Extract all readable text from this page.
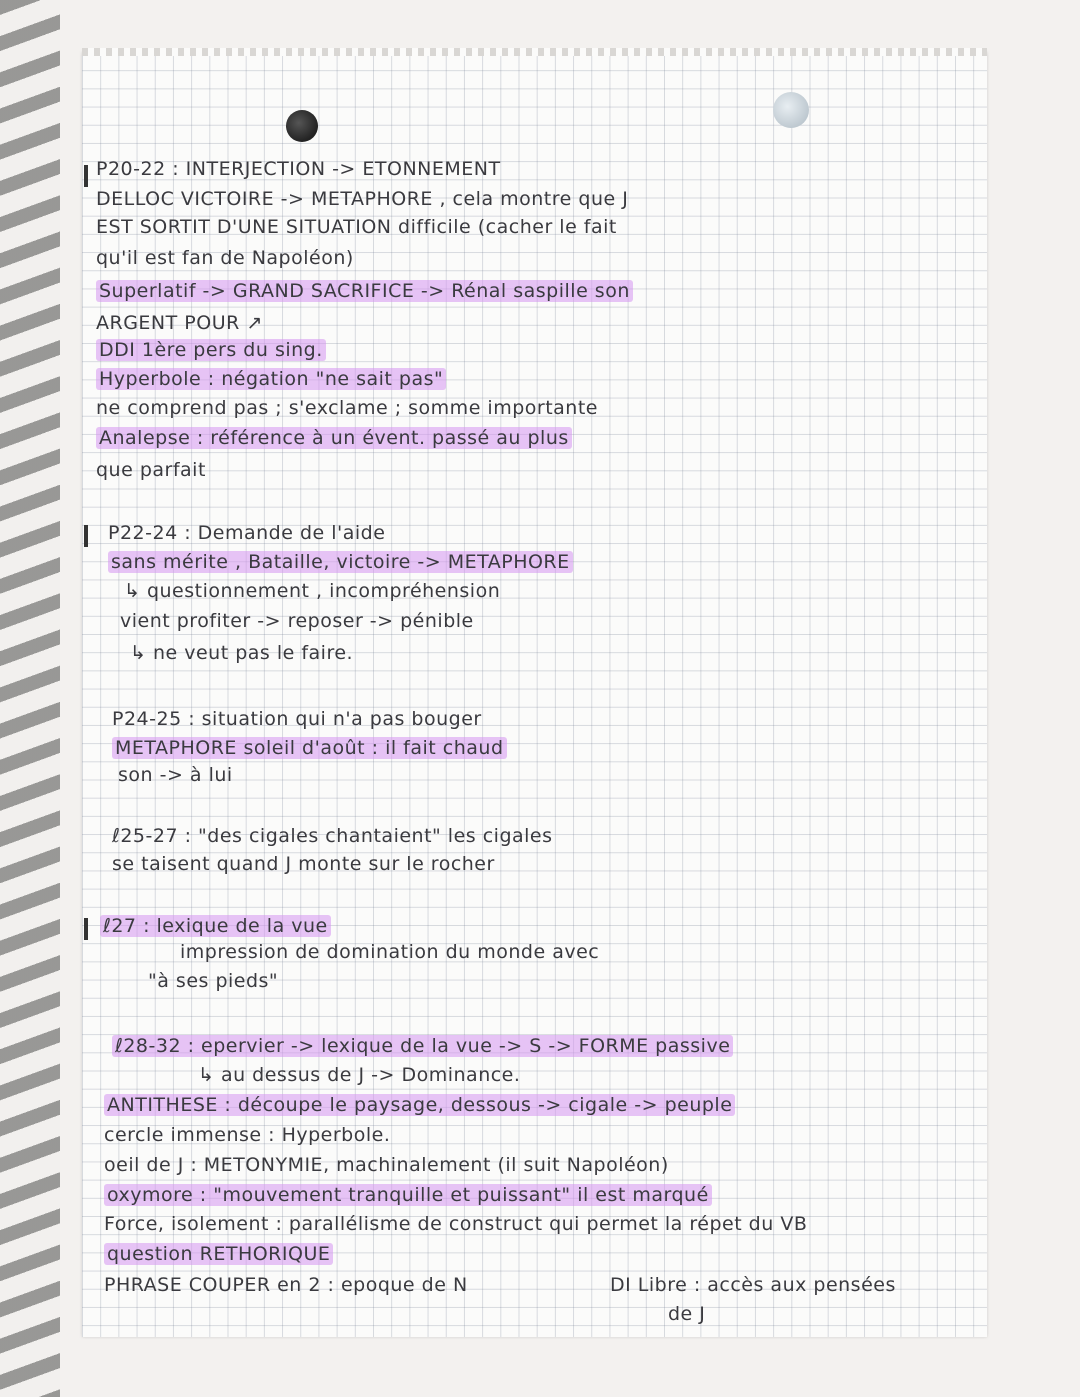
P20-22 : INTERJECTION -> ETONNEMENT
DELLOC VICTOIRE -> METAPHORE , cela montre que J
EST SORTIT D'UNE SITUATION difficile (cacher le fait
qu'il est fan de Napoléon)
Superlatif -> GRAND SACRIFICE -> Rénal saspille son
ARGENT POUR ↗
DDI 1ère pers du sing.
Hyperbole : négation "ne sait pas"
ne comprend pas ; s'exclame ; somme importante
Analepse : référence à un évent. passé au plus
que parfait
P22-24 : Demande de l'aide
sans mérite , Bataille, victoire -> METAPHORE
↳ questionnement , incompréhension
vient profiter -> reposer -> pénible
↳ ne veut pas le faire.
P24-25 : situation qui n'a pas bouger
METAPHORE soleil d'août : il fait chaud
son -> à lui
ℓ25-27 : "des cigales chantaient" les cigales
se taisent quand J monte sur le rocher
ℓ27 : lexique de la vue
impression de domination du monde avec
"à ses pieds"
ℓ28-32 : epervier -> lexique de la vue -> S -> FORME passive
↳ au dessus de J -> Dominance.
ANTITHESE : découpe le paysage, dessous -> cigale -> peuple
cercle immense : Hyperbole.
oeil de J : METONYMIE, machinalement (il suit Napoléon)
oxymore : "mouvement tranquille et puissant" il est marqué
Force, isolement : parallélisme de construct qui permet la répet du VB
question RETHORIQUE
PHRASE COUPER en 2 : epoque de N	DI Libre : accès aux pensées
de J
